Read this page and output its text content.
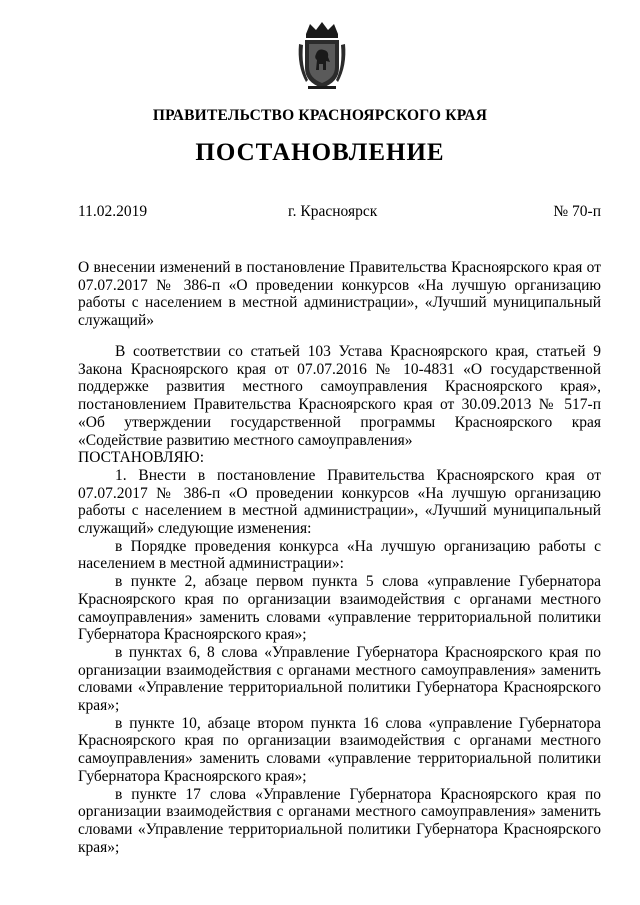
ПРАВИТЕЛЬСТВО КРАСНОЯРСКОГО КРАЯ
ПОСТАНОВЛЕНИЕ
11.02.2019	г. Красноярск	№ 70-п
О внесении изменений в постановление Правительства Красноярского края от 07.07.2017 № 386-п «О проведении конкурсов «На лучшую организацию работы с населением в местной администрации», «Лучший муниципальный служащий»

В соответствии со статьей 103 Устава Красноярского края, статьей 9 Закона Красноярского края от 07.07.2016 № 10-4831 «О государственной поддержке развития местного самоуправления Красноярского края», постановлением Правительства Красноярского края от 30.09.2013 № 517-п «Об утверждении государственной программы Красноярского края «Содействие развитию местного самоуправления»

ПОСТАНОВЛЯЮ:

1. Внести в постановление Правительства Красноярского края от 07.07.2017 № 386-п «О проведении конкурсов «На лучшую организацию работы с населением в местной администрации», «Лучший муниципальный служащий» следующие изменения:

в Порядке проведения конкурса «На лучшую организацию работы с населением в местной администрации»:

в пункте 2, абзаце первом пункта 5 слова «управление Губернатора Красноярского края по организации взаимодействия с органами местного самоуправления» заменить словами «управление территориальной политики Губернатора Красноярского края»;

в пунктах 6, 8 слова «Управление Губернатора Красноярского края по организации взаимодействия с органами местного самоуправления» заменить словами «Управление территориальной политики Губернатора Красноярского края»;

в пункте 10, абзаце втором пункта 16 слова «управление Губернатора Красноярского края по организации взаимодействия с органами местного самоуправления» заменить словами «управление территориальной политики Губернатора Красноярского края»;

в пункте 17 слова «Управление Губернатора Красноярского края по организации взаимодействия с органами местного самоуправления» заменить словами «Управление территориальной политики Губернатора Красноярского края»;
